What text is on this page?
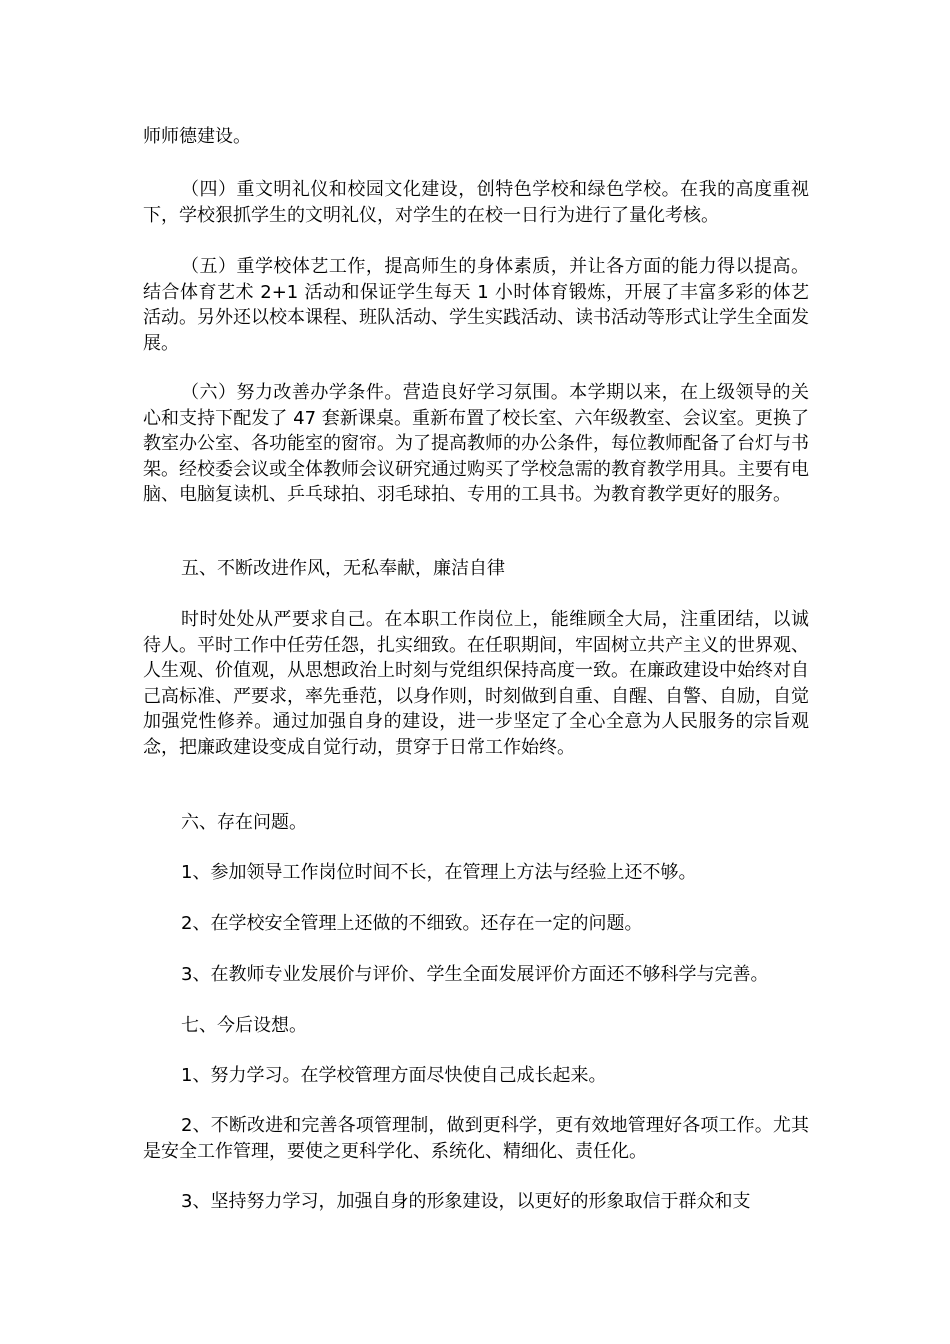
师师德建设。
（四）重文明礼仪和校园文化建设，创特色学校和绿色学校。在我的高度重视下，学校狠抓学生的文明礼仪，对学生的在校一日行为进行了量化考核。
（五）重学校体艺工作，提高师生的身体素质，并让各方面的能力得以提高。结合体育艺术 2+1 活动和保证学生每天 1 小时体育锻炼，开展了丰富多彩的体艺活动。另外还以校本课程、班队活动、学生实践活动、读书活动等形式让学生全面发展。
（六）努力改善办学条件。营造良好学习氛围。本学期以来，在上级领导的关心和支持下配发了 47 套新课桌。重新布置了校长室、六年级教室、会议室。更换了教室办公室、各功能室的窗帘。为了提高教师的办公条件，每位教师配备了台灯与书架。经校委会议或全体教师会议研究通过购买了学校急需的教育教学用具。主要有电脑、电脑复读机、乒乓球拍、羽毛球拍、专用的工具书。为教育教学更好的服务。
五、不断改进作风，无私奉献，廉洁自律
时时处处从严要求自己。在本职工作岗位上，能维顾全大局，注重团结，以诚待人。平时工作中任劳任怨，扎实细致。在任职期间，牢固树立共产主义的世界观、人生观、价值观，从思想政治上时刻与党组织保持高度一致。在廉政建设中始终对自己高标准、严要求，率先垂范，以身作则，时刻做到自重、自醒、自警、自励，自觉加强党性修养。通过加强自身的建设，进一步坚定了全心全意为人民服务的宗旨观念，把廉政建设变成自觉行动，贯穿于日常工作始终。
六、存在问题。
1、参加领导工作岗位时间不长，在管理上方法与经验上还不够。
2、在学校安全管理上还做的不细致。还存在一定的问题。
3、在教师专业发展价与评价、学生全面发展评价方面还不够科学与完善。
七、今后设想。
1、努力学习。在学校管理方面尽快使自己成长起来。
2、不断改进和完善各项管理制，做到更科学，更有效地管理好各项工作。尤其是安全工作管理，要使之更科学化、系统化、精细化、责任化。
3、坚持努力学习，加强自身的形象建设，以更好的形象取信于群众和支
